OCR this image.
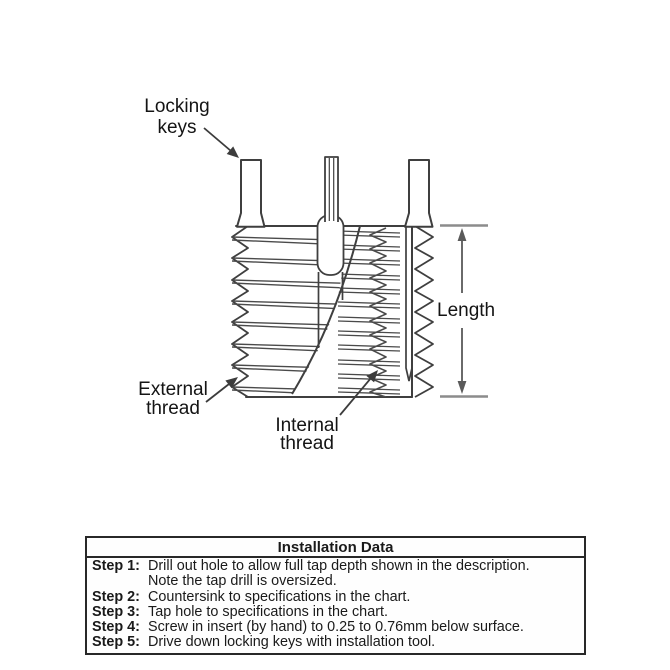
Locking
keys
Length
External
thread
Internal
thread
Installation Data
Step 1: Drill out hole to allow full tap depth shown in the description.
Note the tap drill is oversized.
Step 2: Countersink to specifications in the chart.
Step 3: Tap hole to specifications in the chart.
Step 4: Screw in insert (by hand) to 0.25 to 0.76mm below surface.
Step 5: Drive down locking keys with installation tool.
